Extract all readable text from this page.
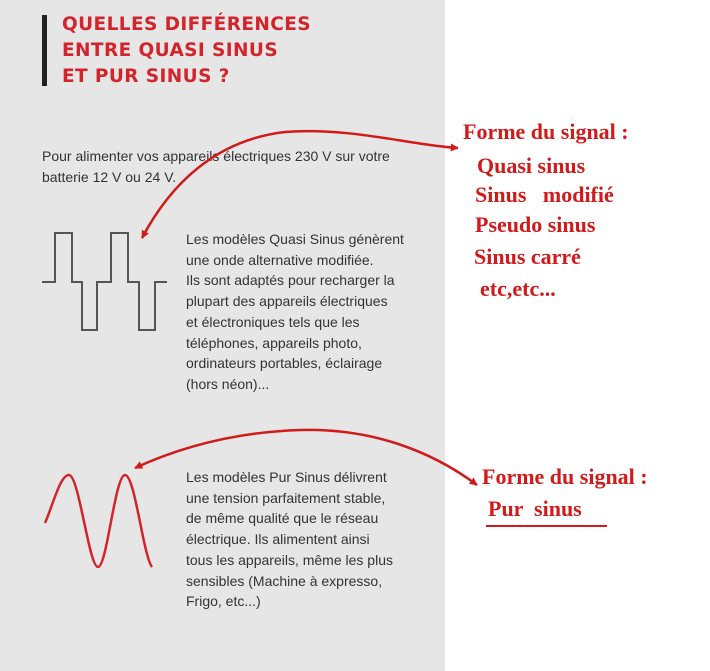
QUELLES DIFFÉRENCES
ENTRE QUASI SINUS
ET PUR SINUS ?

Pour alimenter vos appareils électriques 230 V sur votre
batterie 12 V ou 24 V.

Les modèles Quasi Sinus génèrent
une onde alternative modifiée.
Ils sont adaptés pour recharger la
plupart des appareils électriques
et électroniques tels que les
téléphones, appareils photo,
ordinateurs portables, éclairage
(hors néon)...

Les modèles Pur Sinus délivrent
une tension parfaitement stable,
de même qualité que le réseau
électrique. Ils alimentent ainsi
tous les appareils, même les plus
sensibles (Machine à expresso,
Frigo, etc...)

Forme du signal :
Quasi sinus
Sinus   modifié
Pseudo sinus
Sinus carré
etc,etc...
Forme du signal :
Pur  sinus
